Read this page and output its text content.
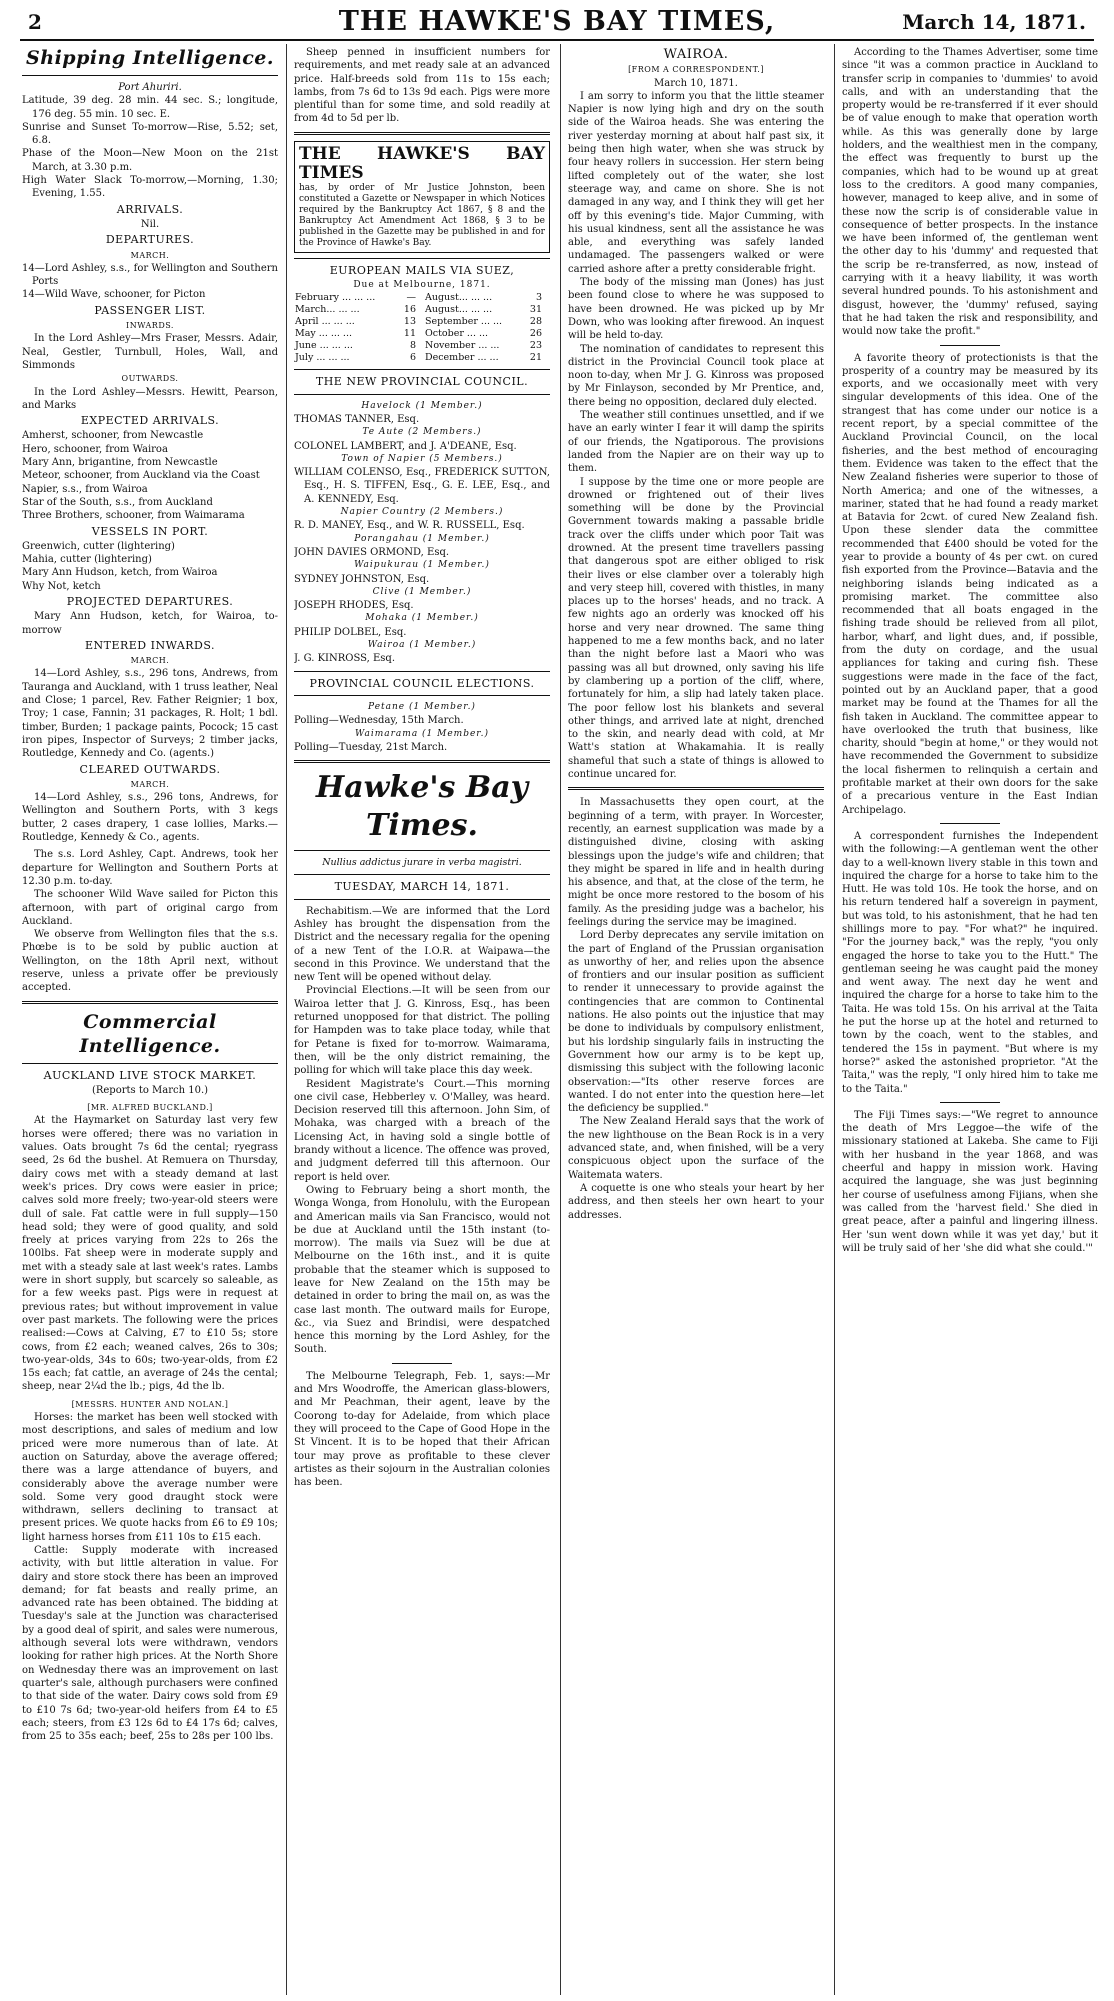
2	THE HAWKE'S BAY TIMES,	March 14, 1871.
Shipping Intelligence.
Port Ahuriri.
Latitude, 39 deg. 28 min. 44 sec. S.; longitude, 176 deg. 55 min. 10 sec. E.
Sunrise and Sunset To-morrow—Rise, 5.52; set, 6.8.
Phase of the Moon—New Moon on the 21st March, at 3.30 p.m.
High Water Slack To-morrow,—Morning, 1.30; Evening, 1.55.
ARRIVALS.
Nil.
DEPARTURES.
MARCH.
14—Lord Ashley, s.s., for Wellington and Southern Ports
14—Wild Wave, schooner, for Picton
PASSENGER LIST.
INWARDS.

In the Lord Ashley—Mrs Fraser, Messrs. Adair, Neal, Gestler, Turnbull, Holes, Wall, and Simmonds

OUTWARDS.

In the Lord Ashley—Messrs. Hewitt, Pearson, and Marks

EXPECTED ARRIVALS.
Amherst, schooner, from Newcastle
Hero, schooner, from Wairoa
Mary Ann, brigantine, from Newcastle
Meteor, schooner, from Auckland via the Coast
Napier, s.s., from Wairoa
Star of the South, s.s., from Auckland
Three Brothers, schooner, from Waimarama
VESSELS IN PORT.
Greenwich, cutter (lightering)
Mahia, cutter (lightering)
Mary Ann Hudson, ketch, from Wairoa
Why Not, ketch
PROJECTED DEPARTURES.

Mary Ann Hudson, ketch, for Wairoa, to-morrow

ENTERED INWARDS.
MARCH.

14—Lord Ashley, s.s., 296 tons, Andrews, from Tauranga and Auckland, with 1 truss leather, Neal and Close; 1 parcel, Rev. Father Reignier; 1 box, Troy; 1 case, Fannin; 31 packages, R. Holt; 1 bdl. timber, Burden; 1 package paints, Pocock; 15 cast iron pipes, Inspector of Surveys; 2 timber jacks, Routledge, Kennedy and Co. (agents.)

CLEARED OUTWARDS.
MARCH.

14—Lord Ashley, s.s., 296 tons, Andrews, for Wellington and Southern Ports, with 3 kegs butter, 2 cases drapery, 1 case lollies, Marks.—Routledge, Kennedy & Co., agents.

The s.s. Lord Ashley, Capt. Andrews, took her departure for Wellington and Southern Ports at 12.30 p.m. to-day.

The schooner Wild Wave sailed for Picton this afternoon, with part of original cargo from Auckland.

We observe from Wellington files that the s.s. Phœbe is to be sold by public auction at Wellington, on the 18th April next, without reserve, unless a private offer be previously accepted.

Commercial Intelligence.
AUCKLAND LIVE STOCK MARKET.
(Reports to March 10.)
[MR. ALFRED BUCKLAND.]

At the Haymarket on Saturday last very few horses were offered; there was no variation in values. Oats brought 7s 6d the cental; ryegrass seed, 2s 6d the bushel. At Remuera on Thursday, dairy cows met with a steady demand at last week's prices. Dry cows were easier in price; calves sold more freely; two-year-old steers were dull of sale. Fat cattle were in full supply—150 head sold; they were of good quality, and sold freely at prices varying from 22s to 26s the 100lbs. Fat sheep were in moderate supply and met with a steady sale at last week's rates. Lambs were in short supply, but scarcely so saleable, as for a few weeks past. Pigs were in request at previous rates; but without improvement in value over past markets. The following were the prices realised:—Cows at Calving, £7 to £10 5s; store cows, from £2 each; weaned calves, 26s to 30s; two-year-olds, 34s to 60s; two-year-olds, from £2 15s each; fat cattle, an average of 24s the cental; sheep, near 2¼d the lb.; pigs, 4d the lb.

[MESSRS. HUNTER AND NOLAN.]

Horses: the market has been well stocked with most descriptions, and sales of medium and low priced were more numerous than of late. At auction on Saturday, above the average offered; there was a large attendance of buyers, and considerably above the average number were sold. Some very good draught stock were withdrawn, sellers declining to transact at present prices. We quote hacks from £6 to £9 10s; light harness horses from £11 10s to £15 each.

Cattle: Supply moderate with increased activity, with but little alteration in value. For dairy and store stock there has been an improved demand; for fat beasts and really prime, an advanced rate has been obtained. The bidding at Tuesday's sale at the Junction was characterised by a good deal of spirit, and sales were numerous, although several lots were withdrawn, vendors looking for rather high prices. At the North Shore on Wednesday there was an improvement on last quarter's sale, although purchasers were confined to that side of the water. Dairy cows sold from £9 to £10 7s 6d; two-year-old heifers from £4 to £5 each; steers, from £3 12s 6d to £4 17s 6d; calves, from 25 to 35s each; beef, 25s to 28s per 100 lbs.

Sheep penned in insufficient numbers for requirements, and met ready sale at an advanced price. Half-breeds sold from 11s to 15s each; lambs, from 7s 6d to 13s 9d each. Pigs were more plentiful than for some time, and sold readily at from 4d to 5d per lb.

THE HAWKE'S BAY TIMES
has, by order of Mr Justice Johnston, been constituted a Gazette or Newspaper in which Notices required by the Bankruptcy Act 1867, § 8 and the Bankruptcy Act Amendment Act 1868, § 3 to be published in the Gazette may be published in and for the Province of Hawke's Bay.
EUROPEAN MAILS VIA SUEZ,
Due at Melbourne, 1871.
February ... ... ...	—	August... ... ...	3
March... ... ...	16	August... ... ...	31
April ... ... ...	13	September ... ...	28
May ... ... ...	11	October ... ...	26
June ... ... ...	8	November ... ...	23
July ... ... ...	6	December ... ...	21
THE NEW PROVINCIAL COUNCIL.
Havelock (1 Member.)
THOMAS TANNER, Esq.
Te Aute (2 Members.)
COLONEL LAMBERT, and J. A'DEANE, Esq.
Town of Napier (5 Members.)
WILLIAM COLENSO, Esq., FREDERICK SUTTON, Esq., H. S. TIFFEN, Esq., G. E. LEE, Esq., and A. KENNEDY, Esq.
Napier Country (2 Members.)
R. D. MANEY, Esq., and W. R. RUSSELL, Esq.
Porangahau (1 Member.)
JOHN DAVIES ORMOND, Esq.
Waipukurau (1 Member.)
SYDNEY JOHNSTON, Esq.
Clive (1 Member.)
JOSEPH RHODES, Esq.
Mohaka (1 Member.)
PHILIP DOLBEL, Esq.
Wairoa (1 Member.)
J. G. KINROSS, Esq.
PROVINCIAL COUNCIL ELECTIONS.
Petane (1 Member.)
Polling—Wednesday, 15th March.
Waimarama (1 Member.)
Polling—Tuesday, 21st March.
Hawke's Bay Times.
Nullius addictus jurare in verba magistri.
TUESDAY, MARCH 14, 1871.

Rechabitism.—We are informed that the Lord Ashley has brought the dispensation from the District and the necessary regalia for the opening of a new Tent of the I.O.R. at Waipawa—the second in this Province. We understand that the new Tent will be opened without delay.

Provincial Elections.—It will be seen from our Wairoa letter that J. G. Kinross, Esq., has been returned unopposed for that district. The polling for Hampden was to take place today, while that for Petane is fixed for to-morrow. Waimarama, then, will be the only district remaining, the polling for which will take place this day week.

Resident Magistrate's Court.—This morning one civil case, Hebberley v. O'Malley, was heard. Decision reserved till this afternoon. John Sim, of Mohaka, was charged with a breach of the Licensing Act, in having sold a single bottle of brandy without a licence. The offence was proved, and judgment deferred till this afternoon. Our report is held over.

Owing to February being a short month, the Wonga Wonga, from Honolulu, with the European and American mails via San Francisco, would not be due at Auckland until the 15th instant (to-morrow). The mails via Suez will be due at Melbourne on the 16th inst., and it is quite probable that the steamer which is supposed to leave for New Zealand on the 15th may be detained in order to bring the mail on, as was the case last month. The outward mails for Europe, &c., via Suez and Brindisi, were despatched hence this morning by the Lord Ashley, for the South.

The Melbourne Telegraph, Feb. 1, says:—Mr and Mrs Woodroffe, the American glass-blowers, and Mr Peachman, their agent, leave by the Coorong to-day for Adelaide, from which place they will proceed to the Cape of Good Hope in the St Vincent. It is to be hoped that their African tour may prove as profitable to these clever artistes as their sojourn in the Australian colonies has been.

WAIROA.
[FROM A CORRESPONDENT.]
March 10, 1871.

I am sorry to inform you that the little steamer Napier is now lying high and dry on the south side of the Wairoa heads. She was entering the river yesterday morning at about half past six, it being then high water, when she was struck by four heavy rollers in succession. Her stern being lifted completely out of the water, she lost steerage way, and came on shore. She is not damaged in any way, and I think they will get her off by this evening's tide. Major Cumming, with his usual kindness, sent all the assistance he was able, and everything was safely landed undamaged. The passengers walked or were carried ashore after a pretty considerable fright.

The body of the missing man (Jones) has just been found close to where he was supposed to have been drowned. He was picked up by Mr Down, who was looking after firewood. An inquest will be held to-day.

The nomination of candidates to represent this district in the Provincial Council took place at noon to-day, when Mr J. G. Kinross was proposed by Mr Finlayson, seconded by Mr Prentice, and, there being no opposition, declared duly elected.

The weather still continues unsettled, and if we have an early winter I fear it will damp the spirits of our friends, the Ngatiporous. The provisions landed from the Napier are on their way up to them.

I suppose by the time one or more people are drowned or frightened out of their lives something will be done by the Provincial Government towards making a passable bridle track over the cliffs under which poor Tait was drowned. At the present time travellers passing that dangerous spot are either obliged to risk their lives or else clamber over a tolerably high and very steep hill, covered with thistles, in many places up to the horses' heads, and no track. A few nights ago an orderly was knocked off his horse and very near drowned. The same thing happened to me a few months back, and no later than the night before last a Maori who was passing was all but drowned, only saving his life by clambering up a portion of the cliff, where, fortunately for him, a slip had lately taken place. The poor fellow lost his blankets and several other things, and arrived late at night, drenched to the skin, and nearly dead with cold, at Mr Watt's station at Whakamahia. It is really shameful that such a state of things is allowed to continue uncared for.

In Massachusetts they open court, at the beginning of a term, with prayer. In Worcester, recently, an earnest supplication was made by a distinguished divine, closing with asking blessings upon the judge's wife and children; that they might be spared in life and in health during his absence, and that, at the close of the term, he might be once more restored to the bosom of his family. As the presiding judge was a bachelor, his feelings during the service may be imagined.

Lord Derby deprecates any servile imitation on the part of England of the Prussian organisation as unworthy of her, and relies upon the absence of frontiers and our insular position as sufficient to render it unnecessary to provide against the contingencies that are common to Continental nations. He also points out the injustice that may be done to individuals by compulsory enlistment, but his lordship singularly fails in instructing the Government how our army is to be kept up, dismissing this subject with the following laconic observation:—"Its other reserve forces are wanted. I do not enter into the question here—let the deficiency be supplied."

The New Zealand Herald says that the work of the new lighthouse on the Bean Rock is in a very advanced state, and, when finished, will be a very conspicuous object upon the surface of the Waitemata waters.

A coquette is one who steals your heart by her address, and then steels her own heart to your addresses.

According to the Thames Advertiser, some time since "it was a common practice in Auckland to transfer scrip in companies to 'dummies' to avoid calls, and with an understanding that the property would be re-transferred if it ever should be of value enough to make that operation worth while. As this was generally done by large holders, and the wealthiest men in the company, the effect was frequently to burst up the companies, which had to be wound up at great loss to the creditors. A good many companies, however, managed to keep alive, and in some of these now the scrip is of considerable value in consequence of better prospects. In the instance we have been informed of, the gentleman went the other day to his 'dummy' and requested that the scrip be re-transferred, as now, instead of carrying with it a heavy liability, it was worth several hundred pounds. To his astonishment and disgust, however, the 'dummy' refused, saying that he had taken the risk and responsibility, and would now take the profit."

A favorite theory of protectionists is that the prosperity of a country may be measured by its exports, and we occasionally meet with very singular developments of this idea. One of the strangest that has come under our notice is a recent report, by a special committee of the Auckland Provincial Council, on the local fisheries, and the best method of encouraging them. Evidence was taken to the effect that the New Zealand fisheries were superior to those of North America; and one of the witnesses, a mariner, stated that he had found a ready market at Batavia for 2cwt. of cured New Zealand fish. Upon these slender data the committee recommended that £400 should be voted for the year to provide a bounty of 4s per cwt. on cured fish exported from the Province—Batavia and the neighboring islands being indicated as a promising market. The committee also recommended that all boats engaged in the fishing trade should be relieved from all pilot, harbor, wharf, and light dues, and, if possible, from the duty on cordage, and the usual appliances for taking and curing fish. These suggestions were made in the face of the fact, pointed out by an Auckland paper, that a good market may be found at the Thames for all the fish taken in Auckland. The committee appear to have overlooked the truth that business, like charity, should "begin at home," or they would not have recommended the Government to subsidize the local fishermen to relinquish a certain and profitable market at their own doors for the sake of a precarious venture in the East Indian Archipelago.

A correspondent furnishes the Independent with the following:—A gentleman went the other day to a well-known livery stable in this town and inquired the charge for a horse to take him to the Hutt. He was told 10s. He took the horse, and on his return tendered half a sovereign in payment, but was told, to his astonishment, that he had ten shillings more to pay. "For what?" he inquired. "For the journey back," was the reply, "you only engaged the horse to take you to the Hutt." The gentleman seeing he was caught paid the money and went away. The next day he went and inquired the charge for a horse to take him to the Taita. He was told 15s. On his arrival at the Taita he put the horse up at the hotel and returned to town by the coach, went to the stables, and tendered the 15s in payment. "But where is my horse?" asked the astonished proprietor. "At the Taita," was the reply, "I only hired him to take me to the Taita."

The Fiji Times says:—"We regret to announce the death of Mrs Leggoe—the wife of the missionary stationed at Lakeba. She came to Fiji with her husband in the year 1868, and was cheerful and happy in mission work. Having acquired the language, she was just beginning her course of usefulness among Fijians, when she was called from the 'harvest field.' She died in great peace, after a painful and lingering illness. Her 'sun went down while it was yet day,' but it will be truly said of her 'she did what she could.'"
